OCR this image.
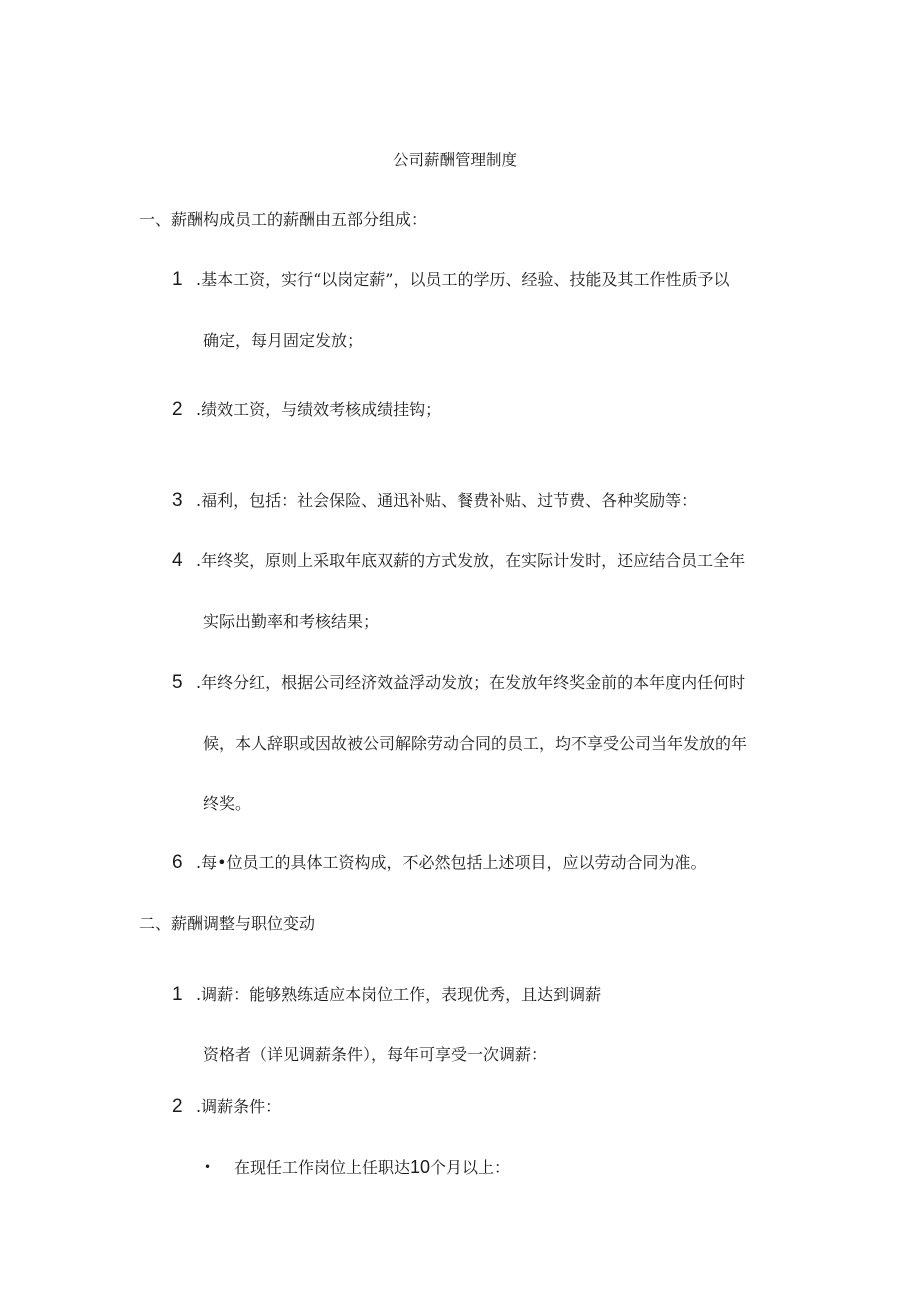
公司薪酬管理制度
一、薪酬构成员工的薪酬由五部分组成：
1 .基本工资，实行“以岗定薪”，以员工的学历、经验、技能及其工作性质予以
确定，每月固定发放；
2 .绩效工资，与绩效考核成绩挂钩；
3 .福利，包括：社会保险、通迅补贴、餐费补贴、过节费、各种奖励等：
4 .年终奖，原则上采取年底双薪的方式发放，在实际计发时，还应结合员工全年
实际出勤率和考核结果；
5 .年终分红，根据公司经济效益浮动发放；在发放年终奖金前的本年度内任何时
候，本人辞职或因故被公司解除劳动合同的员工，均不享受公司当年发放的年
终奖。
6 .每•位员工的具体工资构成，不必然包括上述项目，应以劳动合同为准。
二、薪酬调整与职位变动
1 .调薪：能够熟练适应本岗位工作，表现优秀，且达到调薪
资格者（详见调薪条件），每年可享受一次调薪：
2 .调薪条件：
• 在现任工作岗位上任职达10个月以上：
